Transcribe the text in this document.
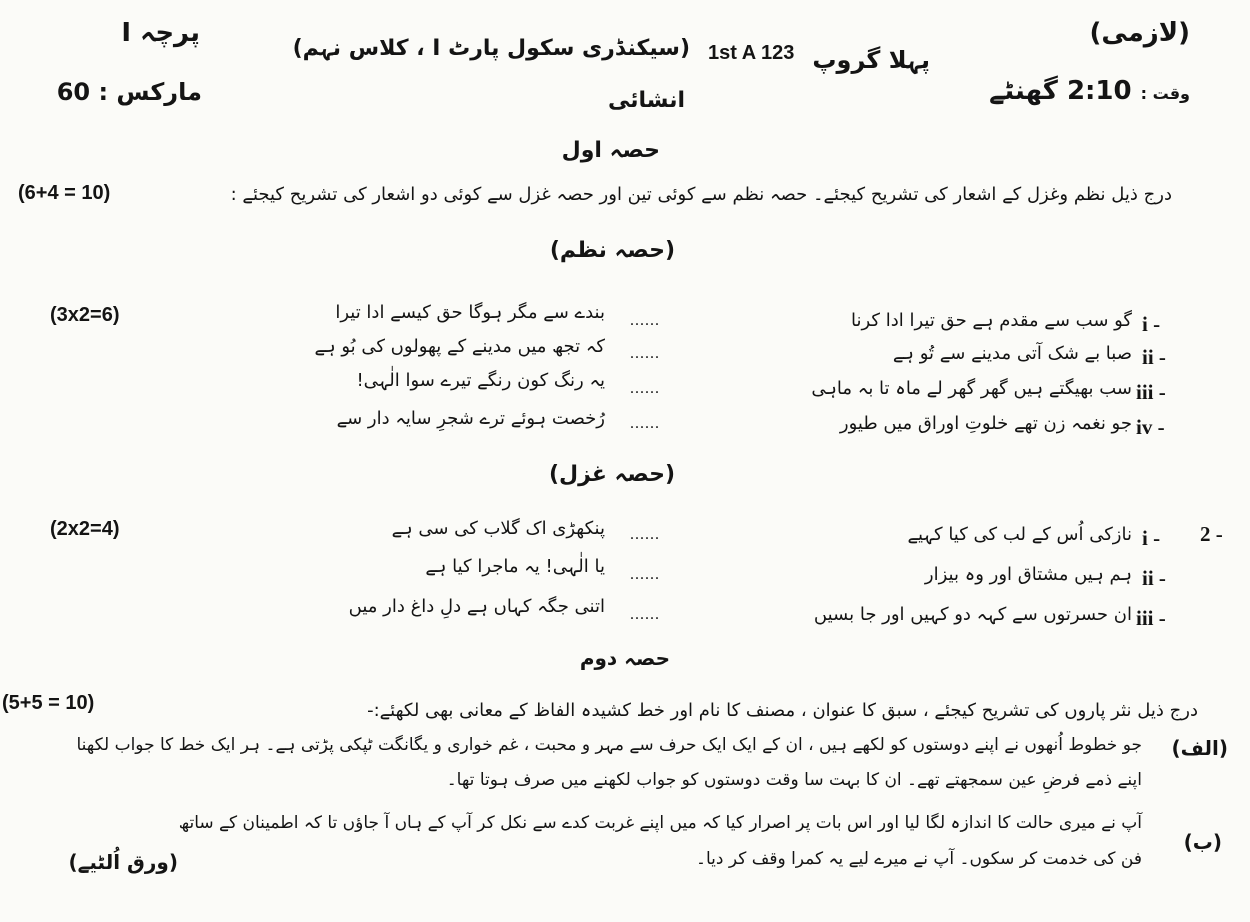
پرچہ I
مارکس : 60
1st A 123
(سیکنڈری سکول پارٹ I ، کلاس نہم)
انشائی
پہلا گروپ
(لازمی)
وقت : 2:10 گھنٹے
حصہ اول
(6+4 = 10)	درج ذیل نظم وغزل کے اشعار کی تشریح کیجئے۔ حصہ نظم سے کوئی تین اور حصہ غزل سے کوئی دو اشعار کی تشریح کیجئے :
(حصہ نظم)
(3x2=6)	i -
گو سب سے مقدم ہے حق تیرا ادا کرنا
......
بندے سے مگر ہوگا حق کیسے ادا تیرا
ii -
صبا بے شک آتی مدینے سے تُو ہے
......
کہ تجھ میں مدینے کے پھولوں کی بُو ہے
iii -
سب بھیگتے ہیں گھر گھر لے ماہ تا بہ ماہی
......
یہ رنگ کون رنگے تیرے سوا الٰہی!
iv -
جو نغمہ زن تھے خلوتِ اوراق میں طیور
......
رُخصت ہوئے ترے شجرِ سایہ دار سے
(حصہ غزل)
(2x2=4)	2 -
i -
نازکی اُس کے لب کی کیا کہیے
......
پنکھڑی اک گلاب کی سی ہے
ii -
ہم ہیں مشتاق اور وہ بیزار
......
یا الٰہی! یہ ماجرا کیا ہے
iii -
ان حسرتوں سے کہہ دو کہیں اور جا بسیں
......
اتنی جگہ کہاں ہے دلِ داغ دار میں
حصہ دوم
(5+5 = 10)	درج ذیل نثر پاروں کی تشریح کیجئے ، سبق کا عنوان ، مصنف کا نام اور خط کشیدہ الفاظ کے معانی بھی لکھئے:-
(الف)
جو خطوط اُنھوں نے اپنے دوستوں کو لکھے ہیں ، ان کے ایک ایک حرف سے مہر و محبت ، غم خواری و یگانگت ٹپکی پڑتی ہے۔ ہر ایک خط کا جواب لکھنا
اپنے ذمے فرضِ عین سمجھتے تھے۔ ان کا بہت سا وقت دوستوں کو جواب لکھنے میں صرف ہوتا تھا۔
(ب)
آپ نے میری حالت کا اندازہ لگا لیا اور اس بات پر اصرار کیا کہ میں اپنے غربت کدے سے نکل کر آپ کے ہاں آ جاؤں تا کہ اطمینان کے ساتھ
فن کی خدمت کر سکوں۔ آپ نے میرے لیے یہ کمرا وقف کر دیا۔
(ورق اُلٹیے)
